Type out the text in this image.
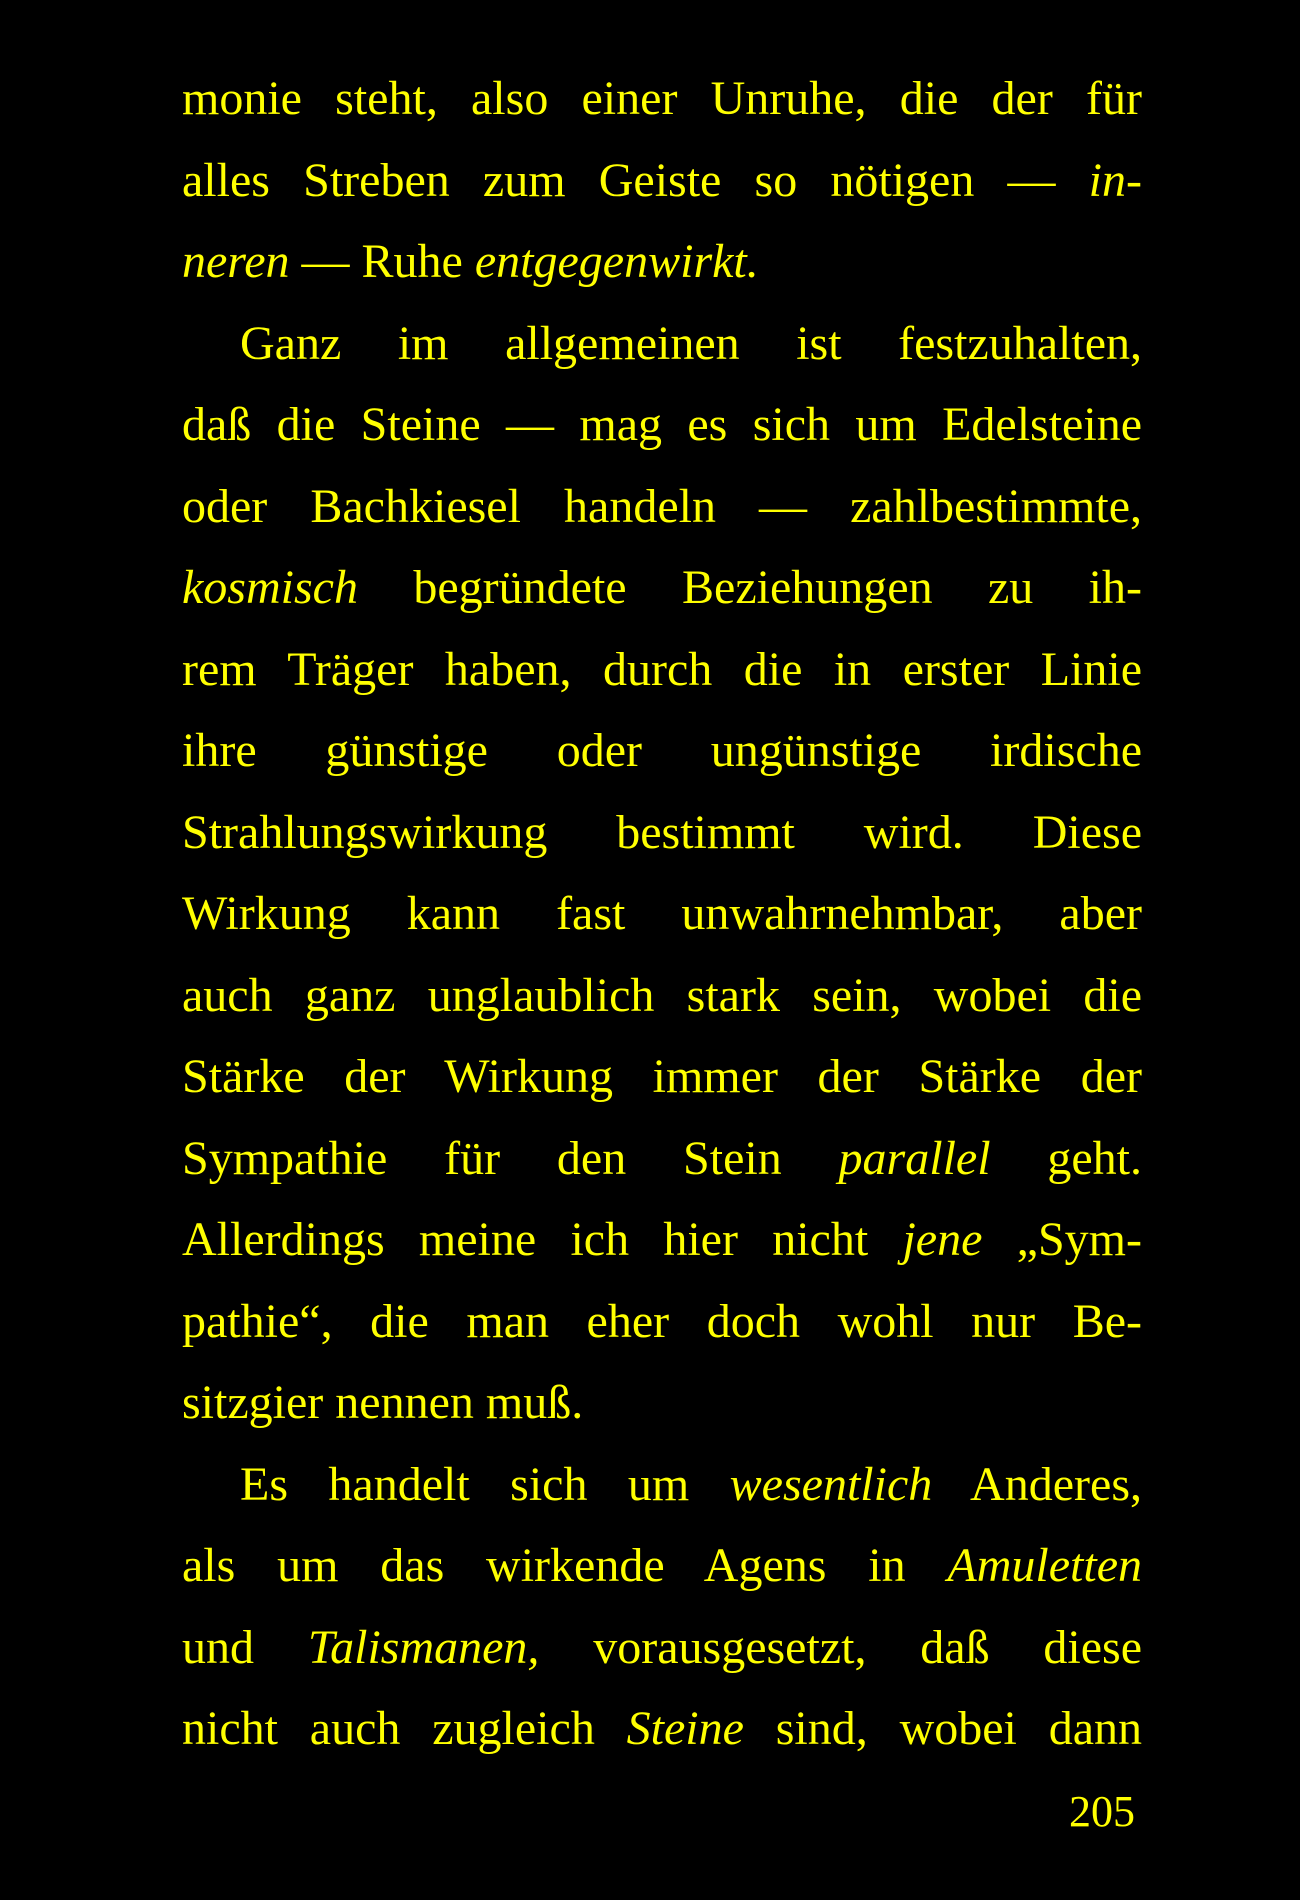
monie steht, also einer Unruhe, die der für
alles Streben zum Geiste so nötigen — in-
neren — Ruhe entgegenwirkt.
Ganz im allgemeinen ist festzuhalten,
daß die Steine — mag es sich um Edelsteine
oder Bachkiesel handeln — zahlbestimmte,
kosmisch begründete Beziehungen zu ih-
rem Träger haben, durch die in erster Linie
ihre günstige oder ungünstige irdische
Strahlungswirkung bestimmt wird. Diese
Wirkung kann fast unwahrnehmbar, aber
auch ganz unglaublich stark sein, wobei die
Stärke der Wirkung immer der Stärke der
Sympathie für den Stein parallel geht.
Allerdings meine ich hier nicht jene „Sym-
pathie“, die man eher doch wohl nur Be-
sitzgier nennen muß.
Es handelt sich um wesentlich Anderes,
als um das wirkende Agens in Amuletten
und Talismanen, vorausgesetzt, daß diese
nicht auch zugleich Steine sind, wobei dann
205
